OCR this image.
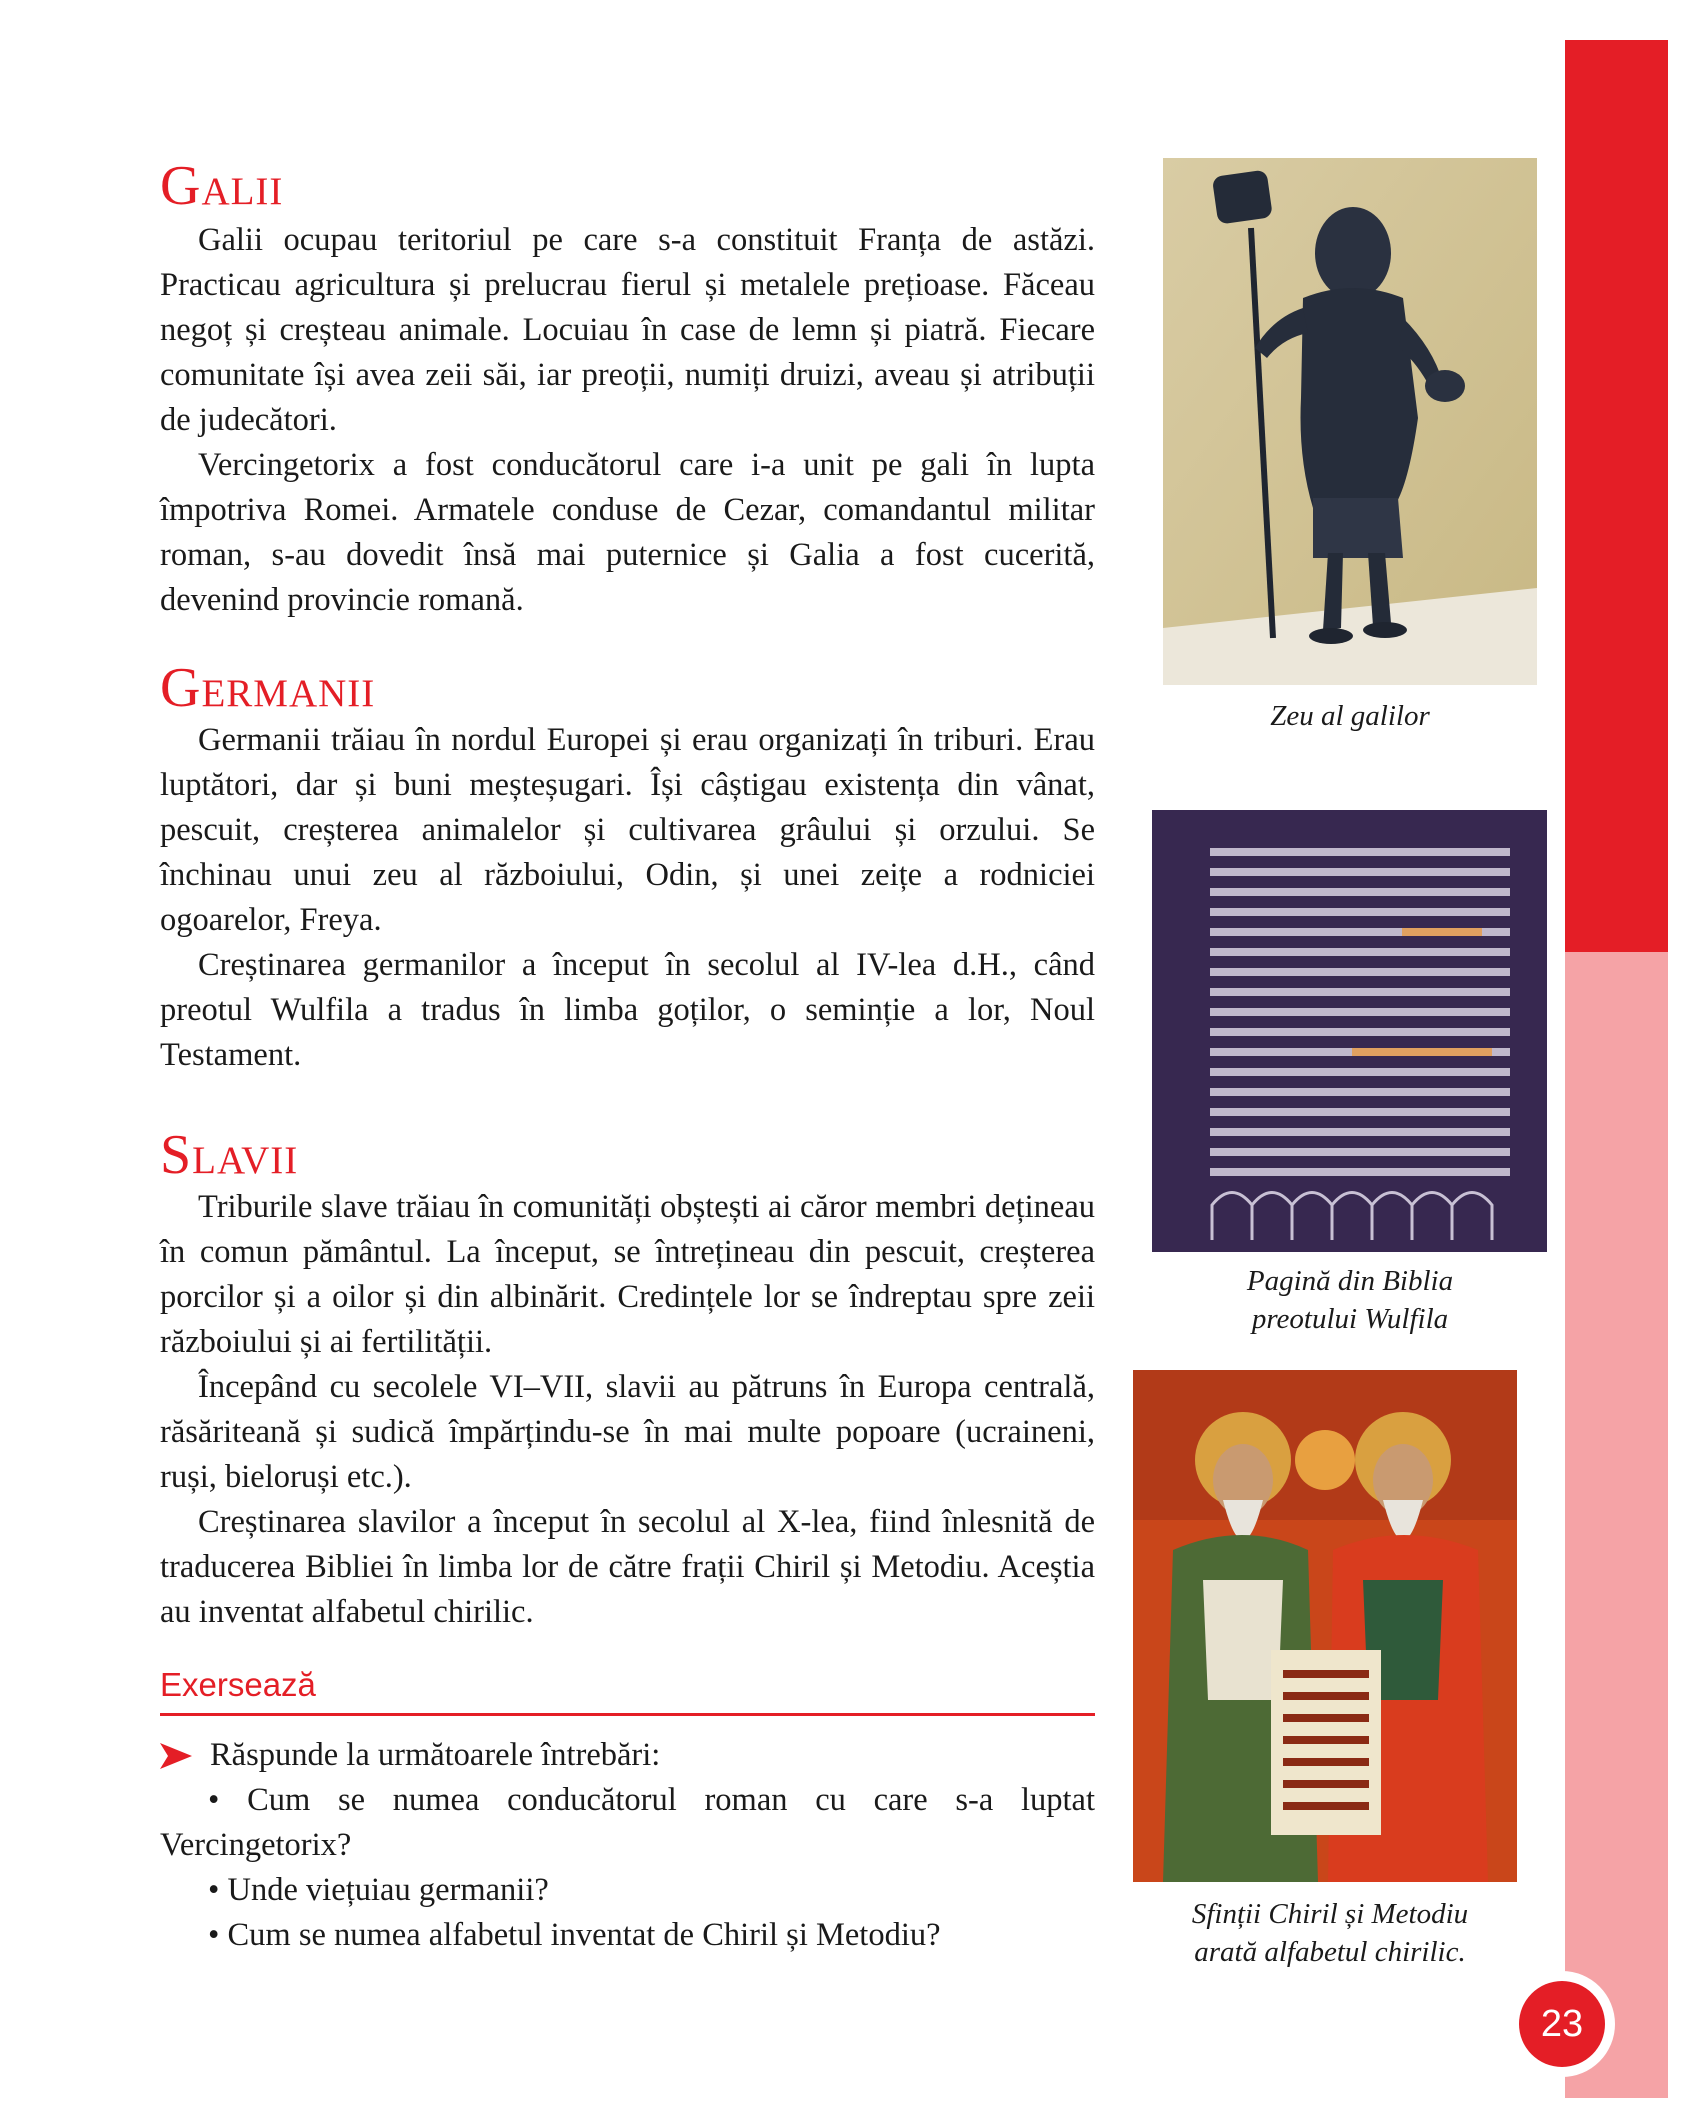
23
Galii

Galii ocupau teritoriul pe care s-a constituit Franța de astăzi. Practicau agricultura și prelucrau fierul și metalele prețioase. Făceau negoț și creșteau animale. Locuiau în case de lemn și piatră. Fiecare comunitate își avea zeii săi, iar preoții, numiți druizi, aveau și atribuții de judecători.

Vercingetorix a fost conducătorul care i-a unit pe gali în lupta împotriva Romei. Armatele conduse de Cezar, comandantul militar roman, s-au dovedit însă mai puternice și Galia a fost cucerită, devenind provincie romană.

Germanii

Germanii trăiau în nordul Europei și erau organizați în triburi. Erau luptători, dar și buni meșteșugari. Își câștigau existența din vânat, pescuit, creșterea animalelor și cultivarea grâului și orzului. Se închinau unui zeu al războiului, Odin, și unei zeițe a rodniciei ogoarelor, Freya.

Creștinarea germanilor a început în secolul al IV-lea d.H., când preotul Wulfila a tradus în limba goților, o seminție a lor, Noul Testament.

Slavii

Triburile slave trăiau în comunități obștești ai căror membri dețineau în comun pământul. La început, se întrețineau din pescuit, creșterea porcilor și a oilor și din albinărit. Credințele lor se îndreptau spre zeii războiului și ai fertilității.

Începând cu secolele VI–VII, slavii au pătruns în Europa centrală, răsăriteană și sudică împărțindu-se în mai multe popoare (ucraineni, ruși, bieloruși etc.).

Creștinarea slavilor a început în secolul al X-lea, fiind înlesnită de traducerea Bibliei în limba lor de către frații Chiril și Metodiu. Aceștia au inventat alfabetul chirilic.

Exersează
Răspunde la următoarele întrebări:
• Cum se numea conducătorul roman cu care s-a luptat Vercingetorix?
• Unde viețuiau germanii?
• Cum se numea alfabetul inventat de Chiril și Metodiu?
Zeu al galilor
Pagină din Biblia
preotului Wulfila
Sfinții Chiril și Metodiu
arată alfabetul chirilic.
